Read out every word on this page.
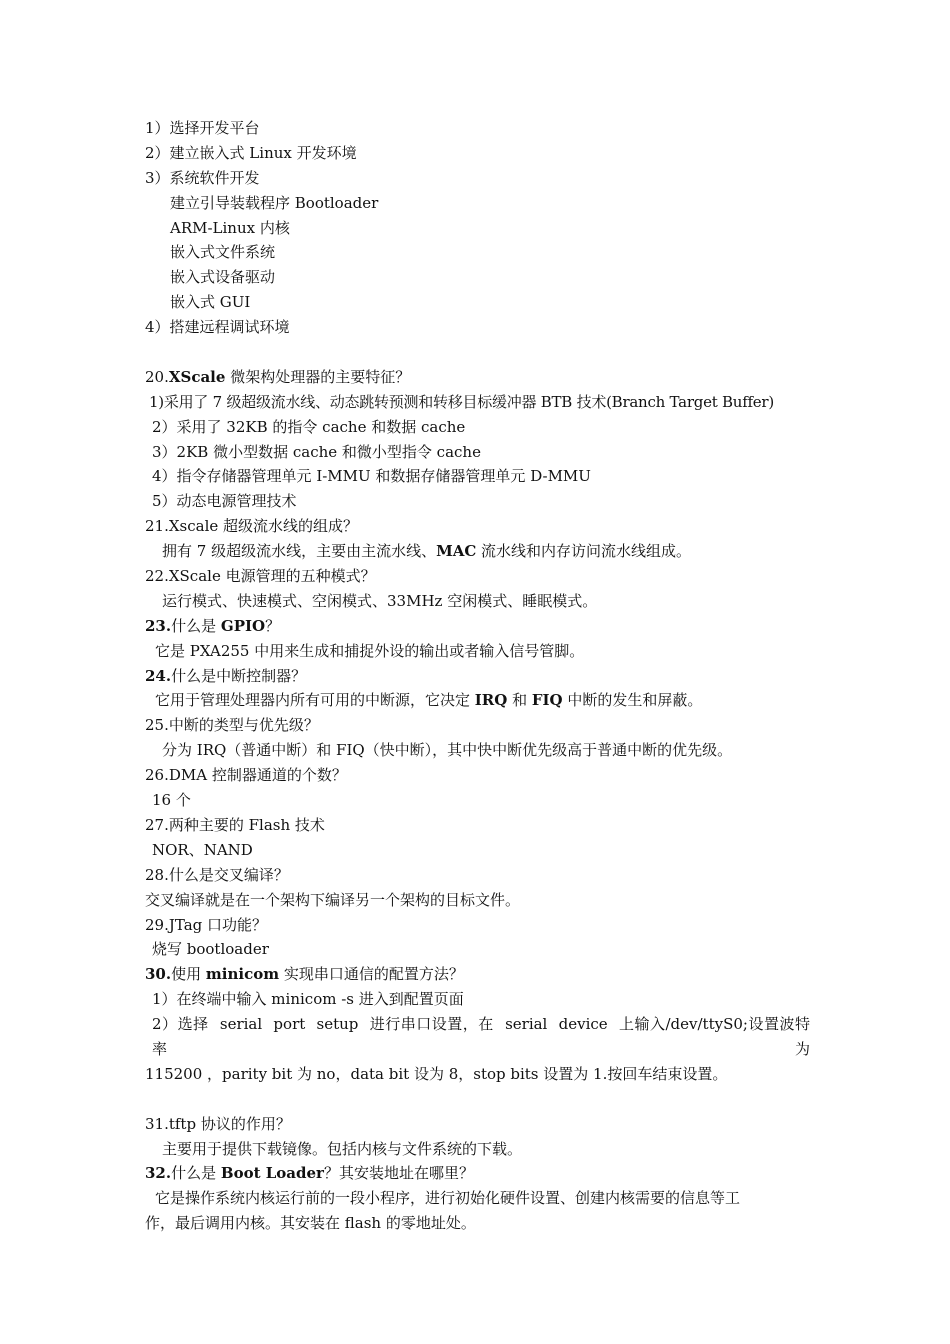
1）选择开发平台
2）建立嵌入式 Linux 开发环境
3）系统软件开发
建立引导装载程序 Bootloader
ARM-Linux 内核
嵌入式文件系统
嵌入式设备驱动
嵌入式 GUI
4）搭建远程调试环境
20.XScale 微架构处理器的主要特征？
1)采用了 7 级超级流水线、动态跳转预测和转移目标缓冲器 BTB 技术(Branch Target Buffer)
2）采用了 32KB 的指令 cache 和数据 cache
3）2KB 微小型数据 cache 和微小型指令 cache
4）指令存储器管理单元 I-MMU 和数据存储器管理单元 D-MMU
5）动态电源管理技术
21.Xscale 超级流水线的组成？
拥有 7 级超级流水线，主要由主流水线、MAC 流水线和内存访问流水线组成。
22.XScale 电源管理的五种模式？
运行模式、快速模式、空闲模式、33MHz 空闲模式、睡眠模式。
23.什么是 GPIO？
它是 PXA255 中用来生成和捕捉外设的输出或者输入信号管脚。
24.什么是中断控制器？
它用于管理处理器内所有可用的中断源，它决定 IRQ 和 FIQ 中断的发生和屏蔽。
25.中断的类型与优先级？
分为 IRQ（普通中断）和 FIQ（快中断），其中快中断优先级高于普通中断的优先级。
26.DMA 控制器通道的个数？
16 个
27.两种主要的 Flash 技术
NOR、NAND
28.什么是交叉编译？
交叉编译就是在一个架构下编译另一个架构的目标文件。
29.JTag 口功能？
烧写 bootloader
30.使用 minicom 实现串口通信的配置方法？
1）在终端中输入 minicom -s 进入到配置页面
2）选择 serial port setup 进行串口设置，在 serial device 上输入/dev/ttyS0;设置波特率为
115200 ，parity bit 为 no，data bit 设为 8，stop bits 设置为 1.按回车结束设置。
31.tftp 协议的作用？
主要用于提供下载镜像。包括内核与文件系统的下载。
32.什么是 Boot Loader？其安装地址在哪里？
它是操作系统内核运行前的一段小程序，进行初始化硬件设置、创建内核需要的信息等工
作，最后调用内核。其安装在 flash 的零地址处。
